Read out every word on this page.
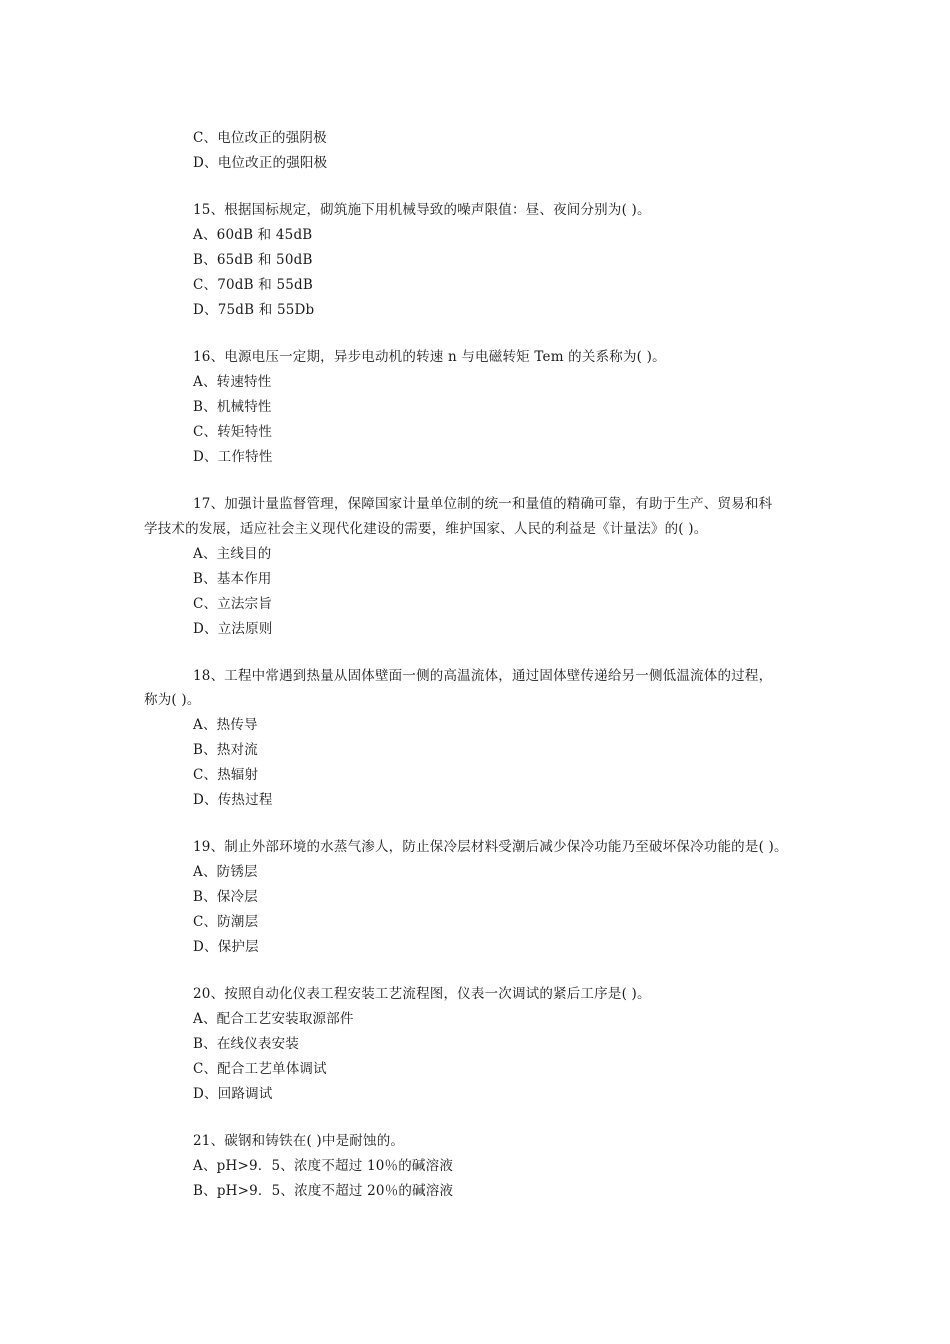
C、电位改正的强阴极
D、电位改正的强阳极
15、根据国标规定，砌筑施下用机械导致的噪声限值：昼、夜间分别为( )。
A、60dB 和 45dB
B、65dB 和 50dB
C、70dB 和 55dB
D、75dB 和 55Db
16、电源电压一定期，异步电动机的转速 n 与电磁转矩 Tem 的关系称为( )。
A、转速特性
B、机械特性
C、转矩特性
D、工作特性
17、加强计量监督管理，保障国家计量单位制的统一和量值的精确可靠，有助于生产、贸易和科
学技术的发展，适应社会主义现代化建设的需要，维护国家、人民的利益是《计量法》的( )。
A、主线目的
B、基本作用
C、立法宗旨
D、立法原则
18、工程中常遇到热量从固体壁面一侧的高温流体，通过固体壁传递给另一侧低温流体的过程，
称为( )。
A、热传导
B、热对流
C、热辐射
D、传热过程
19、制止外部环境的水蒸气渗人，防止保冷层材料受潮后减少保冷功能乃至破坏保冷功能的是( )。
A、防锈层
B、保冷层
C、防潮层
D、保护层
20、按照自动化仪表工程安装工艺流程图，仪表一次调试的紧后工序是( )。
A、配合工艺安装取源部件
B、在线仪表安装
C、配合工艺单体调试
D、回路调试
21、碳钢和铸铁在( )中是耐蚀的。
A、pH>9．5、浓度不超过 10％的碱溶液
B、pH>9．5、浓度不超过 20％的碱溶液
